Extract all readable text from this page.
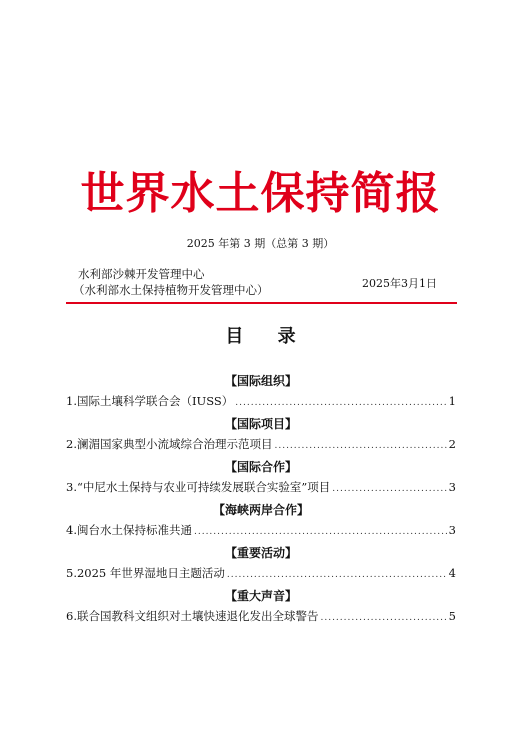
世界水土保持简报
2025 年第 3 期（总第 3 期）
水利部沙棘开发管理中心
（水利部水土保持植物开发管理中心）	2025年3月1日
目 录
【国际组织】
1.国际土壤科学联合会（IUSS） .....	1
【国际项目】
2.澜湄国家典型小流域综合治理示范项目 .....	2
【国际合作】
3.“中尼水土保持与农业可持续发展联合实验室”项目 .....	3
【海峡两岸合作】
4.闽台水土保持标准共通 .....	3
【重要活动】
5.2025 年世界湿地日主题活动 .....	4
【重大声音】
6.联合国教科文组织对土壤快速退化发出全球警告 .....	5
